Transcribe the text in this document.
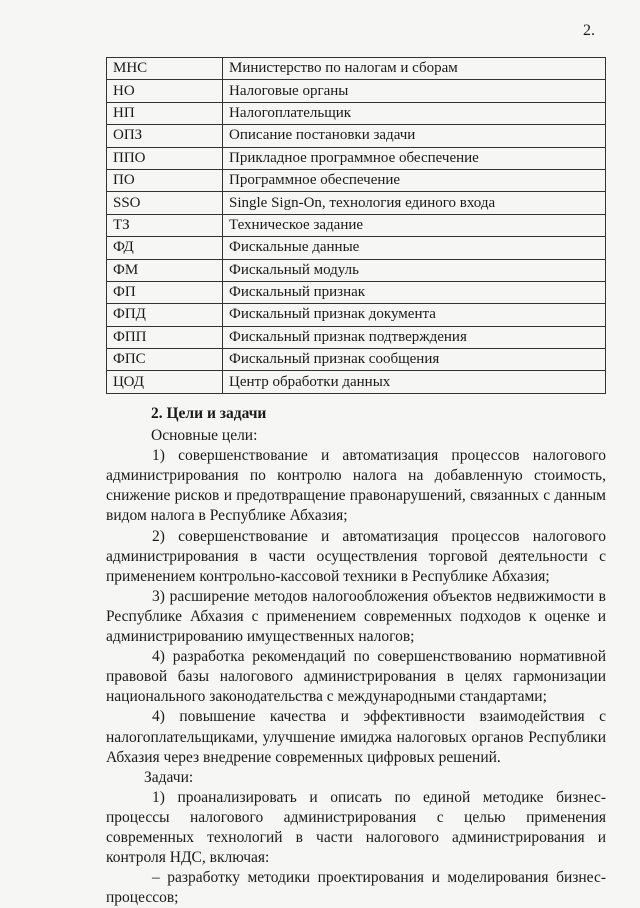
2.
МНС	Министерство по налогам и сборам
НО	Налоговые органы
НП	Налогоплательщик
ОПЗ	Описание постановки задачи
ППО	Прикладное программное обеспечение
ПО	Программное обеспечение
SSO	Single Sign-On, технология единого входа
ТЗ	Техническое задание
ФД	Фискальные данные
ФМ	Фискальный модуль
ФП	Фискальный признак
ФПД	Фискальный признак документа
ФПП	Фискальный признак подтверждения
ФПС	Фискальный признак сообщения
ЦОД	Центр обработки данных

2. Цели и задачи

Основные цели:

1) совершенствование и автоматизация процессов налогового администрирования по контролю налога на добавленную стоимость, снижение рисков и предотвращение правонарушений, связанных с данным видом налога в Республике Абхазия;

2) совершенствование и автоматизация процессов налогового администрирования в части осуществления торговой деятельности с применением контрольно-кассовой техники в Республике Абхазия;

3) расширение методов налогообложения объектов недвижимости в Республике Абхазия с применением современных подходов к оценке и администрированию имущественных налогов;

4) разработка рекомендаций по совершенствованию нормативной правовой базы налогового администрирования в целях гармонизации национального законодательства с международными стандартами;

4) повышение качества и эффективности взаимодействия с налогоплательщиками, улучшение имиджа налоговых органов Республики Абхазия через внедрение современных цифровых решений.

Задачи:

1) проанализировать и описать по единой методике бизнес-процессы налогового администрирования с целью применения современных технологий в части налогового администрирования и контроля НДС, включая:

– разработку методики проектирования и моделирования бизнес-процессов;
